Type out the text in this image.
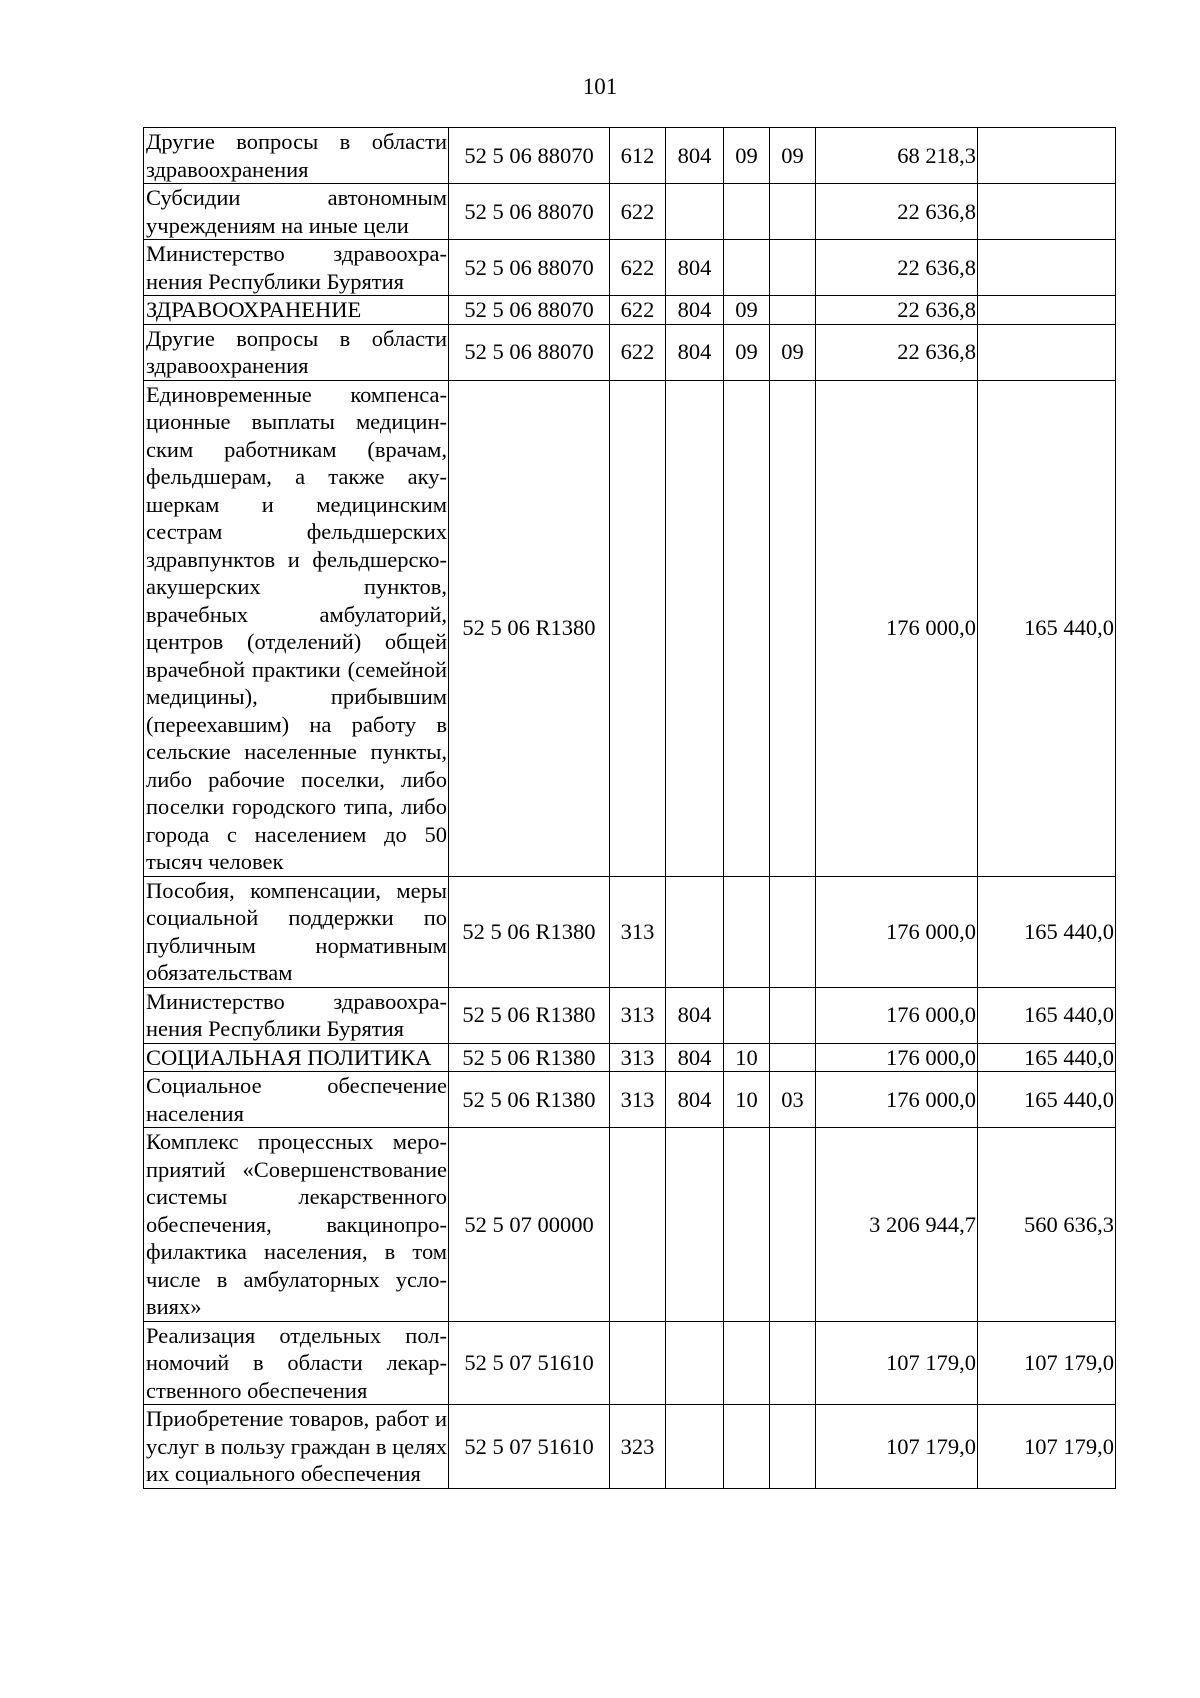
101
Другие вопросы в области здравоохранения	52 5 06 88070	612	804	09	09	68 218,3	
Субсидии автономным учреждениям на иные цели	52 5 06 88070	622				22 636,8	
Министерство здравоохранения Республики Бурятия	52 5 06 88070	622	804			22 636,8	
ЗДРАВООХРАНЕНИЕ	52 5 06 88070	622	804	09		22 636,8	
Другие вопросы в области здравоохранения	52 5 06 88070	622	804	09	09	22 636,8	
Единовременные компенсационные выплаты медицинским работникам (врачам, фельдшерам, а также акушеркам и медицинским сестрам фельдшерских здравпунктов и фельдшерско-акушерских пунктов, врачебных амбулаторий, центров (отделений) общей врачебной практики (семейной медицины), прибывшим (переехавшим) на работу в сельские населенные пункты, либо рабочие поселки, либо поселки городского типа, либо города с населением до 50 тысяч человек	52 5 06 R1380					176 000,0	165 440,0
Пособия, компенсации, меры социальной поддержки по публичным нормативным обязательствам	52 5 06 R1380	313				176 000,0	165 440,0
Министерство здравоохранения Республики Бурятия	52 5 06 R1380	313	804			176 000,0	165 440,0
СОЦИАЛЬНАЯ ПОЛИТИКА	52 5 06 R1380	313	804	10		176 000,0	165 440,0
Социальное обеспечение населения	52 5 06 R1380	313	804	10	03	176 000,0	165 440,0
Комплекс процессных мероприятий «Совершенствование системы лекарственного обеспечения, вакцинопрофилактика населения, в том числе в амбулаторных условиях»	52 5 07 00000					3 206 944,7	560 636,3
Реализация отдельных полномочий в области лекарственного обеспечения	52 5 07 51610					107 179,0	107 179,0
Приобретение товаров, работ и услуг в пользу граждан в целях их социального обеспечения	52 5 07 51610	323				107 179,0	107 179,0
